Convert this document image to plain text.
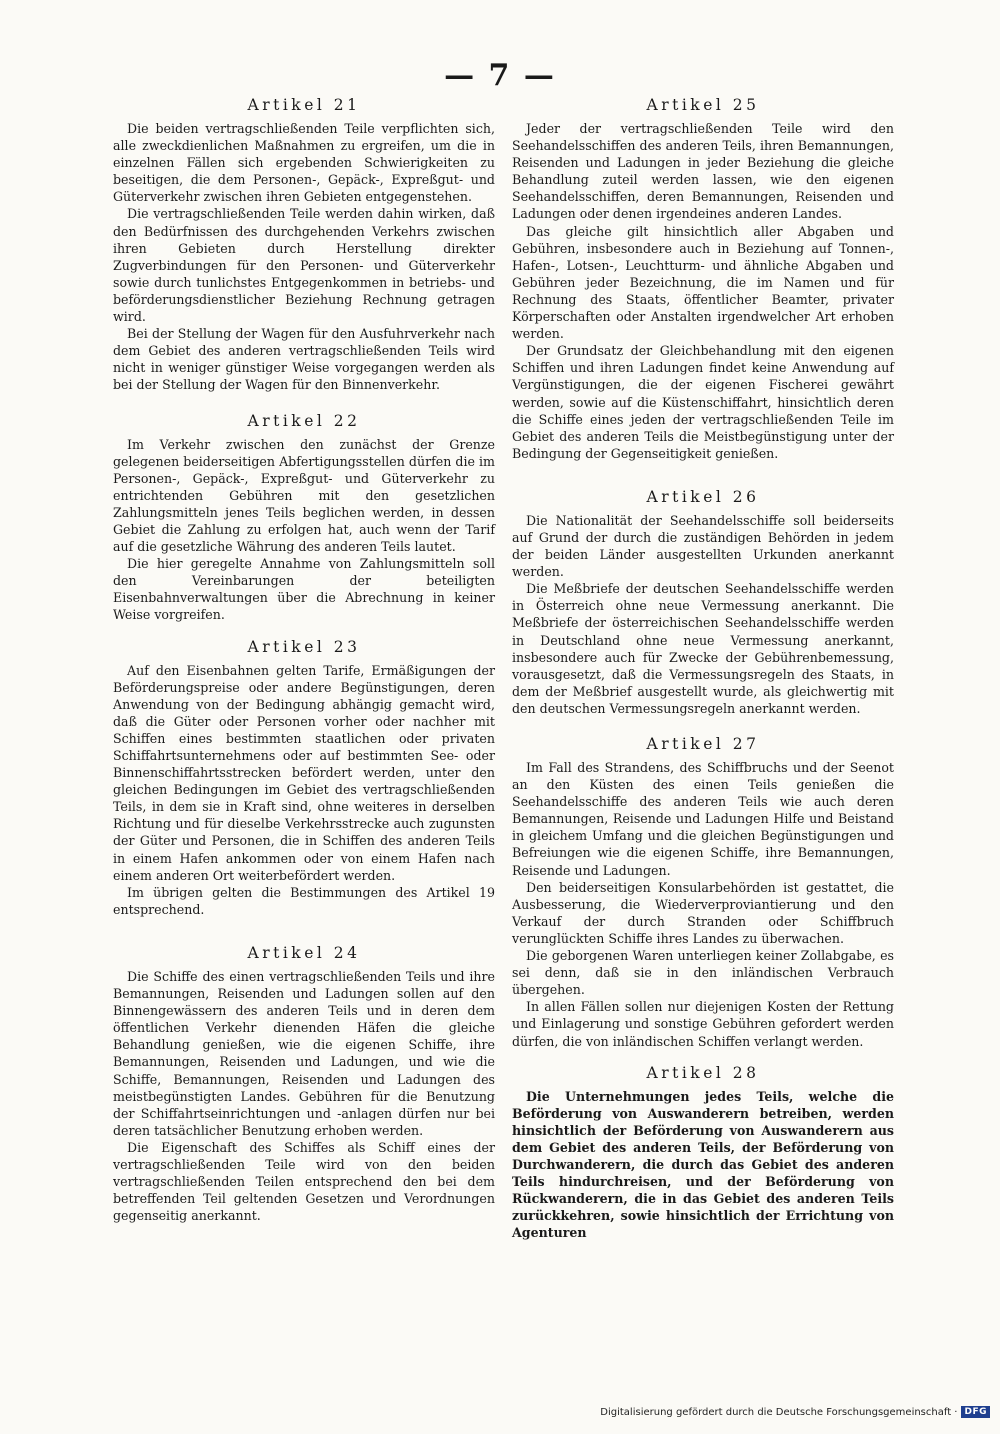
— 7 —
Artikel 21

Die beiden vertragschließenden Teile verpflichten sich, alle zweckdienlichen Maßnahmen zu ergreifen, um die in einzelnen Fällen sich ergebenden Schwierigkeiten zu beseitigen, die dem Personen-, Gepäck-, Expreßgut- und Güterverkehr zwischen ihren Gebieten entgegenstehen.

Die vertragschließenden Teile werden dahin wirken, daß den Bedürfnissen des durchgehenden Verkehrs zwischen ihren Gebieten durch Herstellung direkter Zugverbindungen für den Personen- und Güterverkehr sowie durch tunlichstes Entgegenkommen in betriebs- und beförderungsdienstlicher Beziehung Rechnung getragen wird.

Bei der Stellung der Wagen für den Ausfuhrverkehr nach dem Gebiet des anderen vertragschließenden Teils wird nicht in weniger günstiger Weise vorgegangen werden als bei der Stellung der Wagen für den Binnenverkehr.

Artikel 22

Im Verkehr zwischen den zunächst der Grenze gelegenen beiderseitigen Abfertigungsstellen dürfen die im Personen-, Gepäck-, Expreßgut- und Güterverkehr zu entrichtenden Gebühren mit den gesetzlichen Zahlungsmitteln jenes Teils beglichen werden, in dessen Gebiet die Zahlung zu erfolgen hat, auch wenn der Tarif auf die gesetzliche Währung des anderen Teils lautet.

Die hier geregelte Annahme von Zahlungsmitteln soll den Vereinbarungen der beteiligten Eisenbahnverwaltungen über die Abrechnung in keiner Weise vorgreifen.

Artikel 23

Auf den Eisenbahnen gelten Tarife, Ermäßigungen der Beförderungspreise oder andere Begünstigungen, deren Anwendung von der Bedingung abhängig gemacht wird, daß die Güter oder Personen vorher oder nachher mit Schiffen eines bestimmten staatlichen oder privaten Schiffahrtsunternehmens oder auf bestimmten See- oder Binnenschiffahrtsstrecken befördert werden, unter den gleichen Bedingungen im Gebiet des vertragschließenden Teils, in dem sie in Kraft sind, ohne weiteres in derselben Richtung und für dieselbe Verkehrsstrecke auch zugunsten der Güter und Personen, die in Schiffen des anderen Teils in einem Hafen ankommen oder von einem Hafen nach einem anderen Ort weiterbefördert werden.

Im übrigen gelten die Bestimmungen des Artikel 19 entsprechend.

Artikel 24

Die Schiffe des einen vertragschließenden Teils und ihre Bemannungen, Reisenden und Ladungen sollen auf den Binnengewässern des anderen Teils und in deren dem öffentlichen Verkehr dienenden Häfen die gleiche Behandlung genießen, wie die eigenen Schiffe, ihre Bemannungen, Reisenden und Ladungen, und wie die Schiffe, Bemannungen, Reisenden und Ladungen des meistbegünstigten Landes. Gebühren für die Benutzung der Schiffahrtseinrichtungen und -anlagen dürfen nur bei deren tatsächlicher Benutzung erhoben werden.

Die Eigenschaft des Schiffes als Schiff eines der vertragschließenden Teile wird von den beiden vertragschließenden Teilen entsprechend den bei dem betreffenden Teil geltenden Gesetzen und Verordnungen gegenseitig anerkannt.

Artikel 25

Jeder der vertragschließenden Teile wird den Seehandelsschiffen des anderen Teils, ihren Bemannungen, Reisenden und Ladungen in jeder Beziehung die gleiche Behandlung zuteil werden lassen, wie den eigenen Seehandelsschiffen, deren Bemannungen, Reisenden und Ladungen oder denen irgendeines anderen Landes.

Das gleiche gilt hinsichtlich aller Abgaben und Gebühren, insbesondere auch in Beziehung auf Tonnen-, Hafen-, Lotsen-, Leuchtturm- und ähnliche Abgaben und Gebühren jeder Bezeichnung, die im Namen und für Rechnung des Staats, öffentlicher Beamter, privater Körperschaften oder Anstalten irgendwelcher Art erhoben werden.

Der Grundsatz der Gleichbehandlung mit den eigenen Schiffen und ihren Ladungen findet keine Anwendung auf Vergünstigungen, die der eigenen Fischerei gewährt werden, sowie auf die Küstenschiffahrt, hinsichtlich deren die Schiffe eines jeden der vertragschließenden Teile im Gebiet des anderen Teils die Meistbegünstigung unter der Bedingung der Gegenseitigkeit genießen.

Artikel 26

Die Nationalität der Seehandelsschiffe soll beiderseits auf Grund der durch die zuständigen Behörden in jedem der beiden Länder ausgestellten Urkunden anerkannt werden.

Die Meßbriefe der deutschen Seehandelsschiffe werden in Österreich ohne neue Vermessung anerkannt. Die Meßbriefe der österreichischen Seehandelsschiffe werden in Deutschland ohne neue Vermessung anerkannt, insbesondere auch für Zwecke der Gebührenbemessung, vorausgesetzt, daß die Vermessungsregeln des Staats, in dem der Meßbrief ausgestellt wurde, als gleichwertig mit den deutschen Vermessungsregeln anerkannt werden.

Artikel 27

Im Fall des Strandens, des Schiffbruchs und der Seenot an den Küsten des einen Teils genießen die Seehandelsschiffe des anderen Teils wie auch deren Bemannungen, Reisende und Ladungen Hilfe und Beistand in gleichem Umfang und die gleichen Begünstigungen und Befreiungen wie die eigenen Schiffe, ihre Bemannungen, Reisende und Ladungen.

Den beiderseitigen Konsularbehörden ist gestattet, die Ausbesserung, die Wiederverproviantierung und den Verkauf der durch Stranden oder Schiffbruch verunglückten Schiffe ihres Landes zu überwachen.

Die geborgenen Waren unterliegen keiner Zollabgabe, es sei denn, daß sie in den inländischen Verbrauch übergehen.

In allen Fällen sollen nur diejenigen Kosten der Rettung und Einlagerung und sonstige Gebühren gefordert werden dürfen, die von inländischen Schiffen verlangt werden.

Artikel 28

Die Unternehmungen jedes Teils, welche die Beförderung von Auswanderern betreiben, werden hinsichtlich der Beförderung von Auswanderern aus dem Gebiet des anderen Teils, der Beförderung von Durchwanderern, die durch das Gebiet des anderen Teils hindurchreisen, und der Beförderung von Rückwanderern, die in das Gebiet des anderen Teils zurückkehren, sowie hinsichtlich der Errichtung von Agenturen

Digitalisierung gefördert durch die Deutsche Forschungsgemeinschaft · DFG
